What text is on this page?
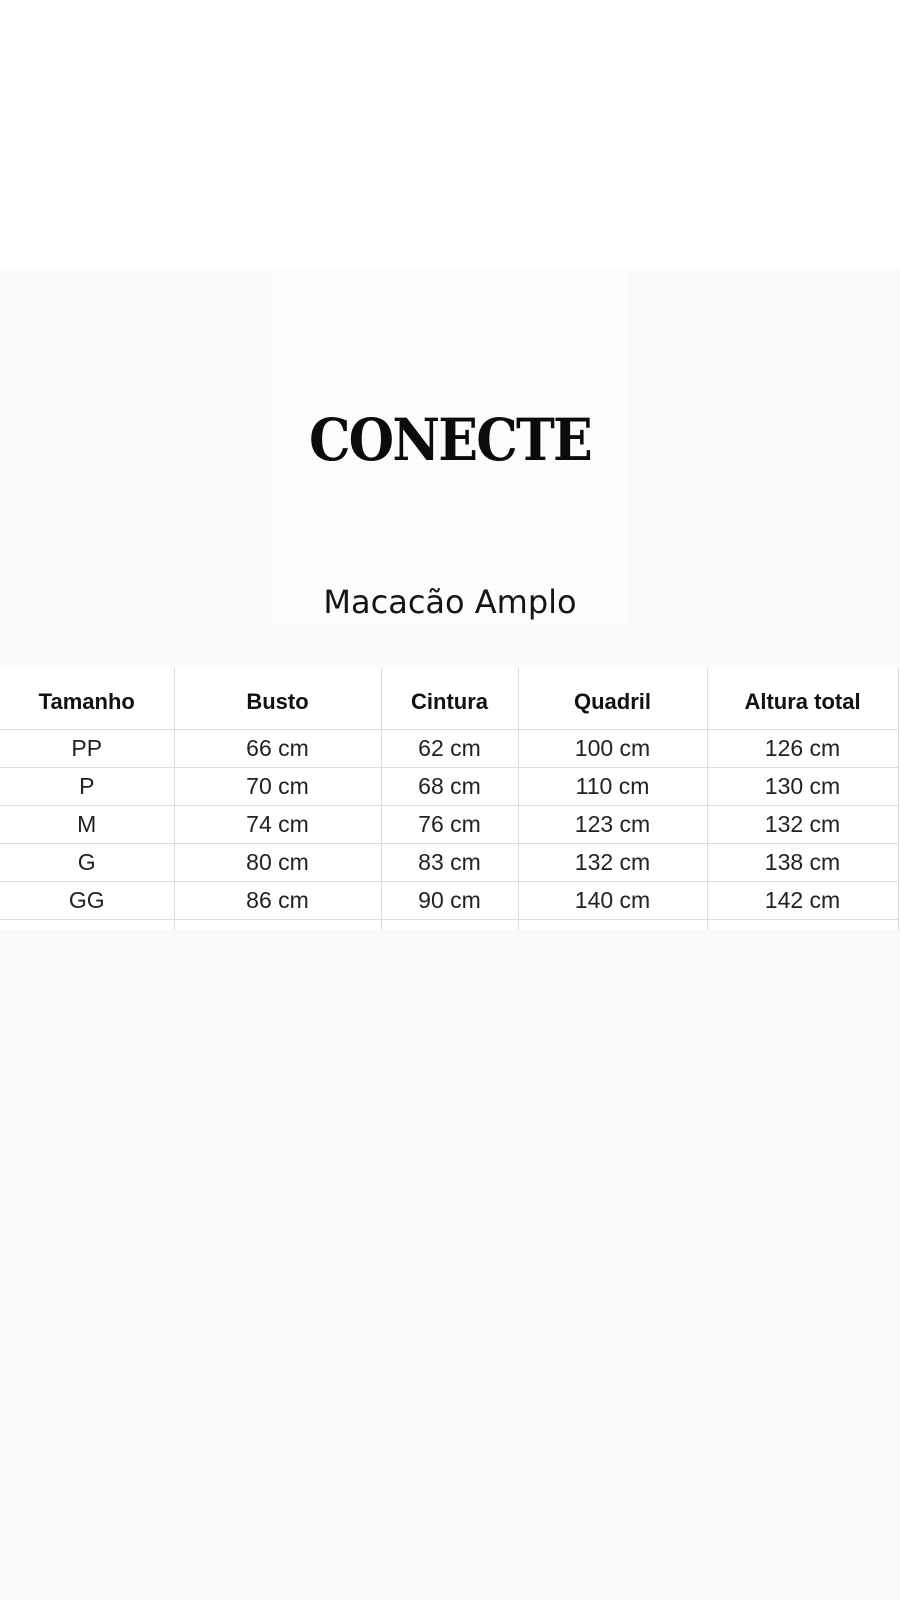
CONECTE
Macacão Amplo
Tamanho	Busto	Cintura	Quadril	Altura total
PP	66 cm	62 cm	100 cm	126 cm
P	70 cm	68 cm	110 cm	130 cm
M	74 cm	76 cm	123 cm	132 cm
G	80 cm	83 cm	132 cm	138 cm
GG	86 cm	90 cm	140 cm	142 cm
